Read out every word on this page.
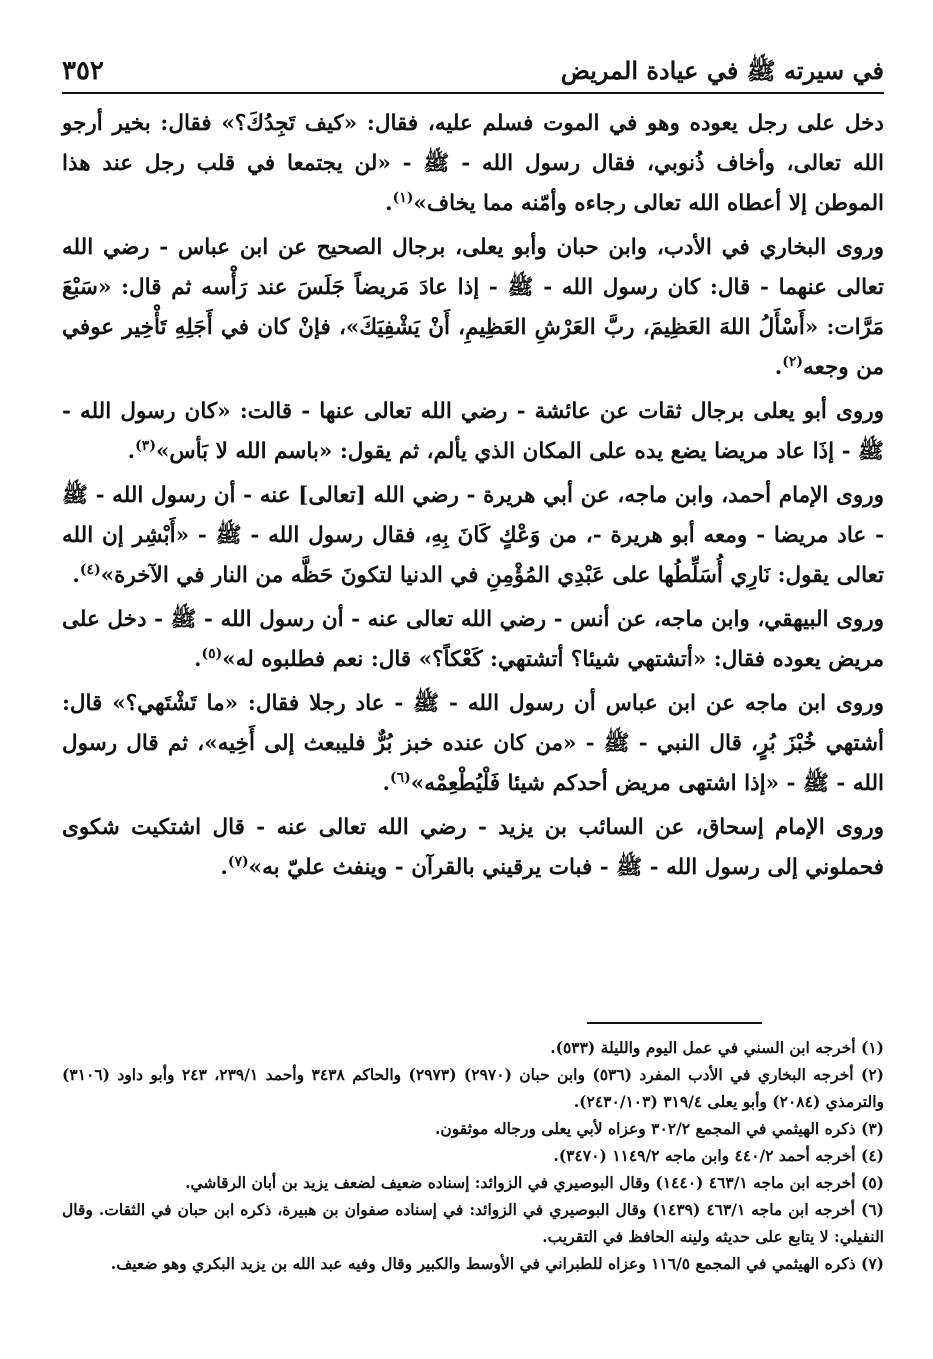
في سيرته ﷺ في عيادة المريض
٣٥٢

دخل على رجل يعوده وهو في الموت فسلم عليه، فقال: «كيف تَجِدُكَ؟» فقال: بخير أرجو الله تعالى، وأخاف ذُنوبي، فقال رسول الله - ﷺ - «لن يجتمعا في قلب رجل عند هذا الموطن إلا أعطاه الله تعالى رجاءه وأمّنه مما يخاف»$^{(١)}$.

وروى البخاري في الأدب، وابن حبان وأبو يعلى، برجال الصحيح عن ابن عباس - رضي الله تعالى عنهما - قال: كان رسول الله - ﷺ - إذا عادَ مَريضاً جَلَسَ عند رَأْسه ثم قال: «سَبْعَ مَرَّات: «أَسْأَلُ اللهَ العَظِيمَ، ربَّ العَرْشِ العَظِيمِ، أَنْ يَشْفِيَكَ»، فإنْ كان في أَجَلِهِ تَأْخِير عوفي من وجعه$^{(٢)}$.

وروى أبو يعلى برجال ثقات عن عائشة - رضي الله تعالى عنها - قالت: «كان رسول الله - ﷺ - إذَا عاد مريضا يضع يده على المكان الذي يألم، ثم يقول: «باسم الله لا بَأس»$^{(٣)}$.

وروى الإمام أحمد، وابن ماجه، عن أبي هريرة - رضي الله [تعالى] عنه - أن رسول الله - ﷺ - عاد مريضا - ومعه أبو هريرة -، من وَعْكٍ كَانَ بِهِ، فقال رسول الله - ﷺ - «أَبْشِر إن الله تعالى يقول: نَارِي أُسَلِّطُها على عَبْدِي المُؤْمِنِ في الدنيا لتكونَ حَظَّه من النار في الآخرة»$^{(٤)}$.

وروى البيهقي، وابن ماجه، عن أنس - رضي الله تعالى عنه - أن رسول الله - ﷺ - دخل على مريض يعوده فقال: «أتشتهي شيئا؟ أتشتهي: كَعْكاً؟» قال: نعم فطلبوه له»$^{(٥)}$.

وروى ابن ماجه عن ابن عباس أن رسول الله - ﷺ - عاد رجلا فقال: «ما تَشْتَهي؟» قال: أشتهي خُبْزَ بُرٍ، قال النبي - ﷺ - «من كان عنده خبز بُرٌّ فليبعث إلى أَخِيه»، ثم قال رسول الله - ﷺ - «إذا اشتهى مريض أحدكم شيئا فَلْيُطْعِمْه»$^{(٦)}$.

وروى الإمام إسحاق، عن السائب بن يزيد - رضي الله تعالى عنه - قال اشتكيت شكوى فحملوني إلى رسول الله - ﷺ - فبات يرقيني بالقرآن - وينفث عليّ به»$^{(٧)}$.

(١) أخرجه ابن السني في عمل اليوم والليلة (٥٣٣).
(٢) أخرجه البخاري في الأدب المفرد (٥٣٦) وابن حبان (٢٩٧٠) (٢٩٧٣) والحاكم ٣٤٣٨ وأحمد ٢٣٩/١، ٢٤٣ وأبو داود (٣١٠٦) والترمذي (٢٠٨٤) وأبو يعلى ٣١٩/٤ (٢٤٣٠/١٠٣).
(٣) ذكره الهيثمي في المجمع ٣٠٢/٢ وعزاه لأبي يعلى ورجاله موثقون.
(٤) أخرجه أحمد ٤٤٠/٢ وابن ماجه ١١٤٩/٢ (٣٤٧٠).
(٥) أخرجه ابن ماجه ٤٦٣/١ (١٤٤٠) وقال البوصيري في الزوائد: إسناده ضعيف لضعف يزيد بن أبان الرقاشي.
(٦) أخرجه ابن ماجه ٤٦٣/١ (١٤٣٩) وقال البوصيري في الزوائد: في إسناده صفوان بن هبيرة، ذكره ابن حبان في الثقات. وقال النفيلي: لا يتابع على حديثه ولينه الحافظ في التقريب.
(٧) ذكره الهيثمي في المجمع ١١٦/٥ وعزاه للطبراني في الأوسط والكبير وقال وفيه عبد الله بن يزيد البكري وهو ضعيف.
